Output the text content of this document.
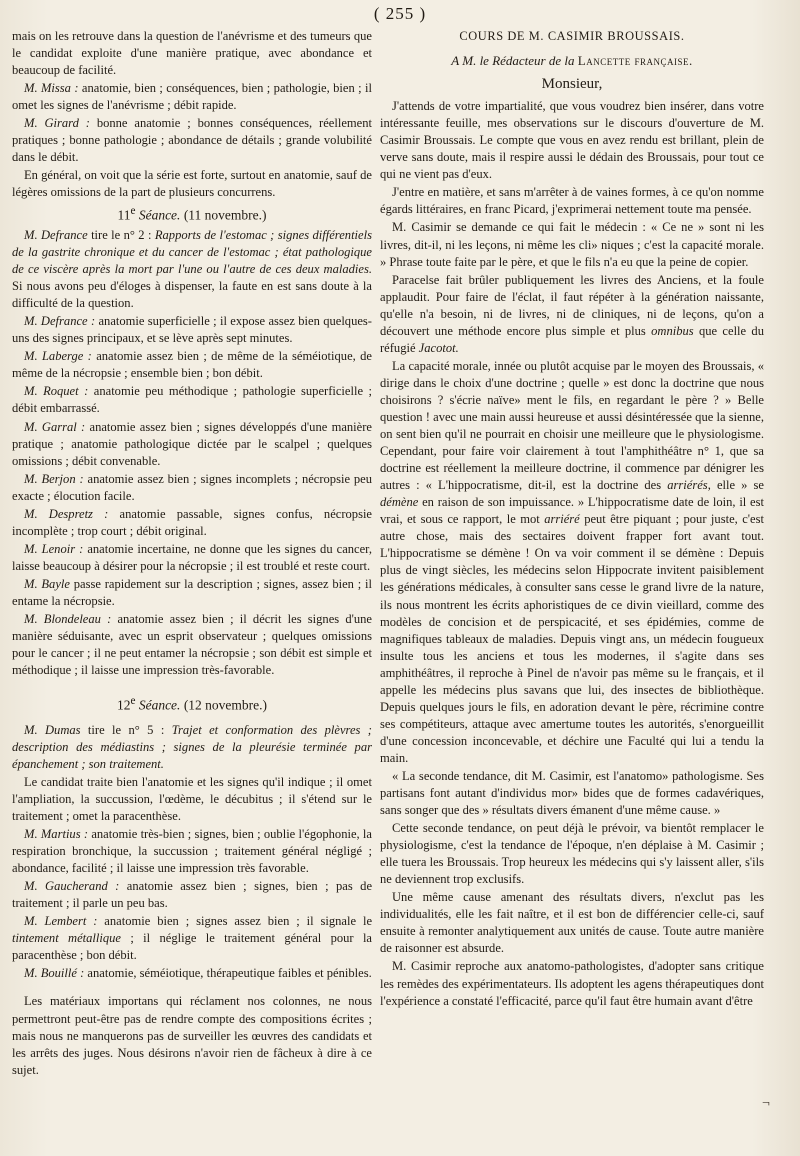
( 255 )

mais on les retrouve dans la question de l'anévrisme et des tumeurs que le candidat exploite d'une manière pratique, avec abondance et beaucoup de facilité.

M. Missa : anatomie, bien ; conséquences, bien ; pathologie, bien ; il omet les signes de l'anévrisme ; débit rapide.

M. Girard : bonne anatomie ; bonnes conséquences, réellement pratiques ; bonne pathologie ; abondance de détails ; grande volubilité dans le débit.

En général, on voit que la série est forte, surtout en anatomie, sauf de légères omissions de la part de plusieurs concurrens.

11e Séance. (11 novembre.)

M. Defrance tire le n° 2 : Rapports de l'estomac ; signes différentiels de la gastrite chronique et du cancer de l'estomac ; état pathologique de ce viscère après la mort par l'une ou l'autre de ces deux maladies. Si nous avons peu d'éloges à dispenser, la faute en est sans doute à la difficulté de la question.

M. Defrance : anatomie superficielle ; il expose assez bien quelques-uns des signes principaux, et se lève après sept minutes.

M. Laberge : anatomie assez bien ; de même de la séméiotique, de même de la nécropsie ; ensemble bien ; bon débit.

M. Roquet : anatomie peu méthodique ; pathologie superficielle ; débit embarrassé.

M. Garral : anatomie assez bien ; signes développés d'une manière pratique ; anatomie pathologique dictée par le scalpel ; quelques omissions ; débit convenable.

M. Berjon : anatomie assez bien ; signes incomplets ; nécropsie peu exacte ; élocution facile.

M. Despretz : anatomie passable, signes confus, nécropsie incomplète ; trop court ; débit original.

M. Lenoir : anatomie incertaine, ne donne que les signes du cancer, laisse beaucoup à désirer pour la nécropsie ; il est troublé et reste court.

M. Bayle passe rapidement sur la description ; signes, assez bien ; il entame la nécropsie.

M. Blondeleau : anatomie assez bien ; il décrit les signes d'une manière séduisante, avec un esprit observateur ; quelques omissions pour le cancer ; il ne peut entamer la nécropsie ; son débit est simple et méthodique ; il laisse une impression très-favorable.

12e Séance. (12 novembre.)

M. Dumas tire le n° 5 : Trajet et conformation des plèvres ; description des médiastins ; signes de la pleurésie terminée par épanchement ; son traitement.

Le candidat traite bien l'anatomie et les signes qu'il indique ; il omet l'ampliation, la succussion, l'œdème, le décubitus ; il s'étend sur le traitement ; omet la paracenthèse.

M. Martius : anatomie très-bien ; signes, bien ; oublie l'égophonie, la respiration bronchique, la succussion ; traitement général négligé ; abondance, facilité ; il laisse une impression très favorable.

M. Gaucherand : anatomie assez bien ; signes, bien ; pas de traitement ; il parle un peu bas.

M. Lembert : anatomie bien ; signes assez bien ; il signale le tintement métallique ; il néglige le traitement général pour la paracenthèse ; bon débit.

M. Bouillé : anatomie, séméiotique, thérapeutique faibles et pénibles.

Les matériaux importans qui réclament nos colonnes, ne nous permettront peut-être pas de rendre compte des compositions écrites ; mais nous ne manquerons pas de surveiller les œuvres des candidats et les arrêts des juges. Nous désirons n'avoir rien de fâcheux à dire à ce sujet.

COURS DE M. CASIMIR BROUSSAIS.

A M. le Rédacteur de la Lancette française.

Monsieur,

J'attends de votre impartialité, que vous voudrez bien insérer, dans votre intéressante feuille, mes observations sur le discours d'ouverture de M. Casimir Broussais. Le compte que vous en avez rendu est brillant, plein de verve sans doute, mais il respire aussi le dédain des Broussais, pour tout ce qui ne vient pas d'eux.

J'entre en matière, et sans m'arrêter à de vaines formes, à ce qu'on nomme égards littéraires, en franc Picard, j'exprimerai nettement toute ma pensée.

M. Casimir se demande ce qui fait le médecin : « Ce ne » sont ni les livres, dit-il, ni les leçons, ni même les cli» niques ; c'est la capacité morale. » Phrase toute faite par le père, et que le fils n'a eu que la peine de copier.

Paracelse fait brûler publiquement les livres des Anciens, et la foule applaudit. Pour faire de l'éclat, il faut répéter à la génération naissante, qu'elle n'a besoin, ni de livres, ni de cliniques, ni de leçons, qu'on a découvert une méthode encore plus simple et plus omnibus que celle du réfugié Jacotot.

La capacité morale, innée ou plutôt acquise par le moyen des Broussais, « dirige dans le choix d'une doctrine ; quelle » est donc la doctrine que nous choisirons ? s'écrie naïve» ment le fils, en regardant le père ? » Belle question ! avec une main aussi heureuse et aussi désintéressée que la sienne, on sent bien qu'il ne pourrait en choisir une meilleure que le physiologisme. Cependant, pour faire voir clairement à tout l'amphithéâtre n° 1, que sa doctrine est réellement la meilleure doctrine, il commence par dénigrer les autres : « L'hippocratisme, dit-il, est la doctrine des arriérés, elle » se démène en raison de son impuissance. » L'hippocratisme date de loin, il est vrai, et sous ce rapport, le mot arriéré peut être piquant ; pour juste, c'est autre chose, mais des sectaires doivent frapper fort avant tout. L'hippocratisme se démène ! On va voir comment il se démène : Depuis plus de vingt siècles, les médecins selon Hippocrate invitent paisiblement les générations médicales, à consulter sans cesse le grand livre de la nature, ils nous montrent les écrits aphoristiques de ce divin vieillard, comme des modèles de concision et de perspicacité, et ses épidémies, comme de magnifiques tableaux de maladies. Depuis vingt ans, un médecin fougueux insulte tous les anciens et tous les modernes, il s'agite dans ses amphithéâtres, il reproche à Pinel de n'avoir pas même su le français, et il appelle les médecins plus savans que lui, des insectes de bibliothèque. Depuis quelques jours le fils, en adoration devant le père, récrimine contre ses compétiteurs, attaque avec amertume toutes les autorités, s'enorgueillit d'une concession inconcevable, et déchire une Faculté qui lui a tendu la main.

« La seconde tendance, dit M. Casimir, est l'anatomo» pathologisme. Ses partisans font autant d'individus mor» bides que de formes cadavériques, sans songer que des » résultats divers émanent d'une même cause. »

Cette seconde tendance, on peut déjà le prévoir, va bientôt remplacer le physiologisme, c'est la tendance de l'époque, n'en déplaise à M. Casimir ; elle tuera les Broussais. Trop heureux les médecins qui s'y laissent aller, s'ils ne deviennent trop exclusifs.

Une même cause amenant des résultats divers, n'exclut pas les individualités, elle les fait naître, et il est bon de différencier celle-ci, sauf ensuite à remonter analytiquement aux unités de cause. Toute autre manière de raisonner est absurde.

M. Casimir reproche aux anatomo-pathologistes, d'adopter sans critique les remèdes des expérimentateurs. Ils adoptent les agens thérapeutiques dont l'expérience a constaté l'efficacité, parce qu'il faut être humain avant d'être

¬
